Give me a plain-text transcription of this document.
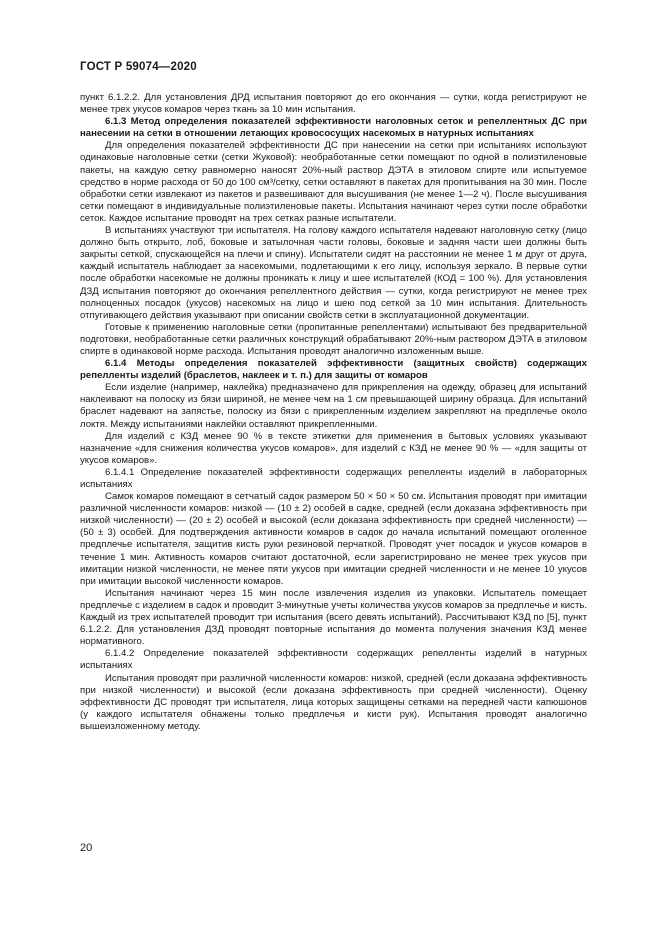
ГОСТ Р 59074—2020

пункт 6.1.2.2. Для установления ДРД испытания повторяют до его окончания — сутки, когда регистрируют не менее трех укусов комаров через ткань за 10 мин испытания.

6.1.3 Метод определения показателей эффективности наголовных сеток и репеллентных ДС при нанесении на сетки в отношении летающих кровососущих насекомых в натурных испытаниях

Для определения показателей эффективности ДС при нанесении на сетки при испытаниях используют одинаковые наголовные сетки (сетки Жуковой): необработанные сетки помещают по одной в полиэтиленовые пакеты, на каждую сетку равномерно наносят 20%-ный раствор ДЭТА в этиловом спирте или испытуемое средство в норме расхода от 50 до 100 см³/сетку, сетки оставляют в пакетах для пропитывания на 30 мин. После обработки сетки извлекают из пакетов и развешивают для высушивания (не менее 1—2 ч). После высушивания сетки помещают в индивидуальные полиэтиленовые пакеты. Испытания начинают через сутки после обработки сеток. Каждое испытание проводят на трех сетках разные испытатели.

В испытаниях участвуют три испытателя. На голову каждого испытателя надевают наголовную сетку (лицо должно быть открыто, лоб, боковые и затылочная части головы, боковые и задняя части шеи должны быть закрыты сеткой, спускающейся на плечи и спину). Испытатели сидят на расстоянии не менее 1 м друг от друга, каждый испытатель наблюдает за насекомыми, подлетающими к его лицу, используя зеркало. В первые сутки после обработки насекомые не должны проникать к лицу и шее испытателей (КОД = 100 %). Для установления ДЗД испытания повторяют до окончания репеллентного действия — сутки, когда регистрируют не менее трех полноценных посадок (укусов) насекомых на лицо и шею под сеткой за 10 мин испытания. Длительность отпугивающего действия указывают при описании свойств сетки в эксплуатационной документации.

Готовые к применению наголовные сетки (пропитанные репеллентами) испытывают без предварительной подготовки, необработанные сетки различных конструкций обрабатывают 20%-ным раствором ДЭТА в этиловом спирте в одинаковой норме расхода. Испытания проводят аналогично изложенным выше.

6.1.4 Методы определения показателей эффективности (защитных свойств) содержащих репелленты изделий (браслетов, наклеек и т. п.) для защиты от комаров

Если изделие (например, наклейка) предназначено для прикрепления на одежду, образец для испытаний наклеивают на полоску из бязи шириной, не менее чем на 1 см превышающей ширину образца. Для испытаний браслет надевают на запястье, полоску из бязи с прикрепленным изделием закрепляют на предплечье около локтя. Между испытаниями наклейки оставляют прикрепленными.

Для изделий с КЗД менее 90 % в тексте этикетки для применения в бытовых условиях указывают назначение «для снижения количества укусов комаров», для изделий с КЗД не менее 90 % — «для защиты от укусов комаров».

6.1.4.1 Определение показателей эффективности содержащих репелленты изделий в лабораторных испытаниях

Самок комаров помещают в сетчатый садок размером 50 × 50 × 50 см. Испытания проводят при имитации различной численности комаров: низкой — (10 ± 2) особей в садке, средней (если доказана эффективность при низкой численности) — (20 ± 2) особей и высокой (если доказана эффективность при средней численности) — (50 ± 3) особей. Для подтверждения активности комаров в садок до начала испытаний помещают оголенное предплечье испытателя, защитив кисть руки резиновой перчаткой. Проводят учет посадок и укусов комаров в течение 1 мин. Активность комаров считают достаточной, если зарегистрировано не менее трех укусов при имитации низкой численности, не менее пяти укусов при имитации средней численности и не менее 10 укусов при имитации высокой численности комаров.

Испытания начинают через 15 мин после извлечения изделия из упаковки. Испытатель помещает предплечье с изделием в садок и проводит 3-минутные учеты количества укусов комаров за предплечье и кисть. Каждый из трех испытателей проводит три испытания (всего девять испытаний). Рассчитывают КЗД по [5], пункт 6.1.2.2. Для установления ДЗД проводят повторные испытания до момента получения значения КЗД менее нормативного.

6.1.4.2 Определение показателей эффективности содержащих репелленты изделий в натурных испытаниях

Испытания проводят при различной численности комаров: низкой, средней (если доказана эффективность при низкой численности) и высокой (если доказана эффективность при средней численности). Оценку эффективности ДС проводят три испытателя, лица которых защищены сетками на передней части капюшонов (у каждого испытателя обнажены только предплечья и кисти рук). Испытания проводят аналогично вышеизложенному методу.

20
